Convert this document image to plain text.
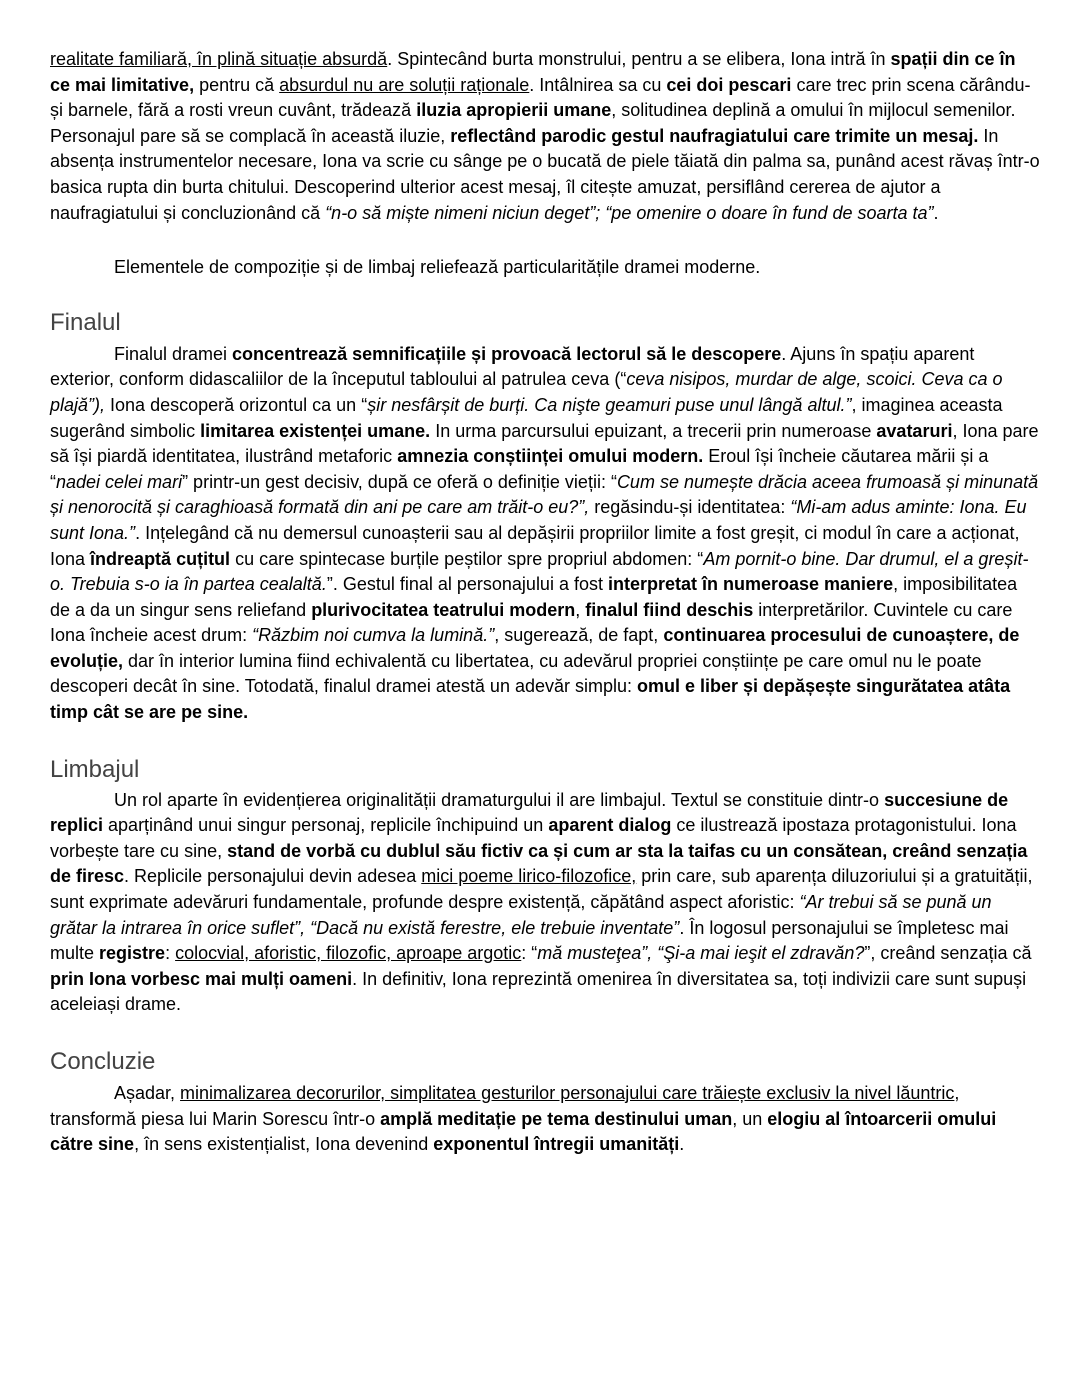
realitate familiară, în plină situație absurdă. Spintecând burta monstrului, pentru a se elibera, Iona intră în spații din ce în ce mai limitative, pentru că absurdul nu are soluții raționale. Intâlnirea sa cu cei doi pescari care trec prin scena cărându-și barnele, fără a rosti vreun cuvânt, trădează iluzia apropierii umane, solitudinea deplină a omului în mijlocul semenilor. Personajul pare să se complacă în această iluzie, reflectând parodic gestul naufragiatului care trimite un mesaj. In absența instrumentelor necesare, Iona va scrie cu sânge pe o bucată de piele tăiată din palma sa, punând acest răvaș într-o basica rupta din burta chitului. Descoperind ulterior acest mesaj, îl citește amuzat, persiflând cererea de ajutor a naufragiatului și concluzionând că “n-o să miște nimeni niciun deget”; “pe omenire o doare în fund de soarta ta”.

Elementele de compoziție și de limbaj reliefează particularitățile dramei moderne.

Finalul

Finalul dramei concentrează semnificațiile și provoacă lectorul să le descopere. Ajuns în spațiu aparent exterior, conform didascaliilor de la începutul tabloului al patrulea ceva (“ceva nisipos, murdar de alge, scoici. Ceva ca o plajă”), Iona descoperă orizontul ca un “șir nesfârșit de burți. Ca nişte geamuri puse unul lângă altul.”, imaginea aceasta sugerând simbolic limitarea existenței umane. In urma parcursului epuizant, a trecerii prin numeroase avataruri, Iona pare să își piardă identitatea, ilustrând metaforic amnezia conștiinței omului modern. Eroul își încheie căutarea mării și a “nadei celei mari” printr-un gest decisiv, după ce oferă o definiție vieții: “Cum se numește drăcia aceea frumoasă și minunată și nenorocită și caraghioasă formată din ani pe care am trăit-o eu?”, regăsindu-și identitatea: “Mi-am adus aminte: Iona. Eu sunt Iona.”. Ințelegând că nu demersul cunoașterii sau al depășirii propriilor limite a fost greșit, ci modul în care a acționat, Iona îndreaptă cuțitul cu care spintecase burțile peștilor spre propriul abdomen: “Am pornit-o bine. Dar drumul, el a greșit-o. Trebuia s-o ia în partea cealaltă.”. Gestul final al personajului a fost interpretat în numeroase maniere, imposibilitatea de a da un singur sens reliefand plurivocitatea teatrului modern, finalul fiind deschis interpretărilor. Cuvintele cu care Iona încheie acest drum: “Răzbim noi cumva la lumină.”, sugerează, de fapt, continuarea procesului de cunoaștere, de evoluție, dar în interior lumina fiind echivalentă cu libertatea, cu adevărul propriei conștiințe pe care omul nu le poate descoperi decât în sine. Totodată, finalul dramei atestă un adevăr simplu: omul e liber și depășește singurătatea atâta timp cât se are pe sine.

Limbajul

Un rol aparte în evidențierea originalității dramaturgului il are limbajul. Textul se constituie dintr-o succesiune de replici aparținând unui singur personaj, replicile închipuind un aparent dialog ce ilustrează ipostaza protagonistului. Iona vorbește tare cu sine, stand de vorbă cu dublul său fictiv ca și cum ar sta la taifas cu un consătean, creând senzația de firesc. Replicile personajului devin adesea mici poeme lirico-filozofice, prin care, sub aparența diluzoriului și a gratuității, sunt exprimate adevăruri fundamentale, profunde despre existență, căpătând aspect aforistic: “Ar trebui să se pună un grătar la intrarea în orice suflet”, “Dacă nu există ferestre, ele trebuie inventate”. În logosul personajului se împletesc mai multe registre: colocvial, aforistic, filozofic, aproape argotic: “mă musteţea”, “Şi-a mai ieşit el zdravăn?”, creând senzația că prin Iona vorbesc mai mulți oameni. In definitiv, Iona reprezintă omenirea în diversitatea sa, toți indivizii care sunt supuși aceleiași drame.

Concluzie

Așadar, minimalizarea decorurilor, simplitatea gesturilor personajului care trăiește exclusiv la nivel lăuntric, transformă piesa lui Marin Sorescu într-o amplă meditație pe tema destinului uman, un elogiu al întoarcerii omului către sine, în sens existențialist, Iona devenind exponentul întregii umanități.
